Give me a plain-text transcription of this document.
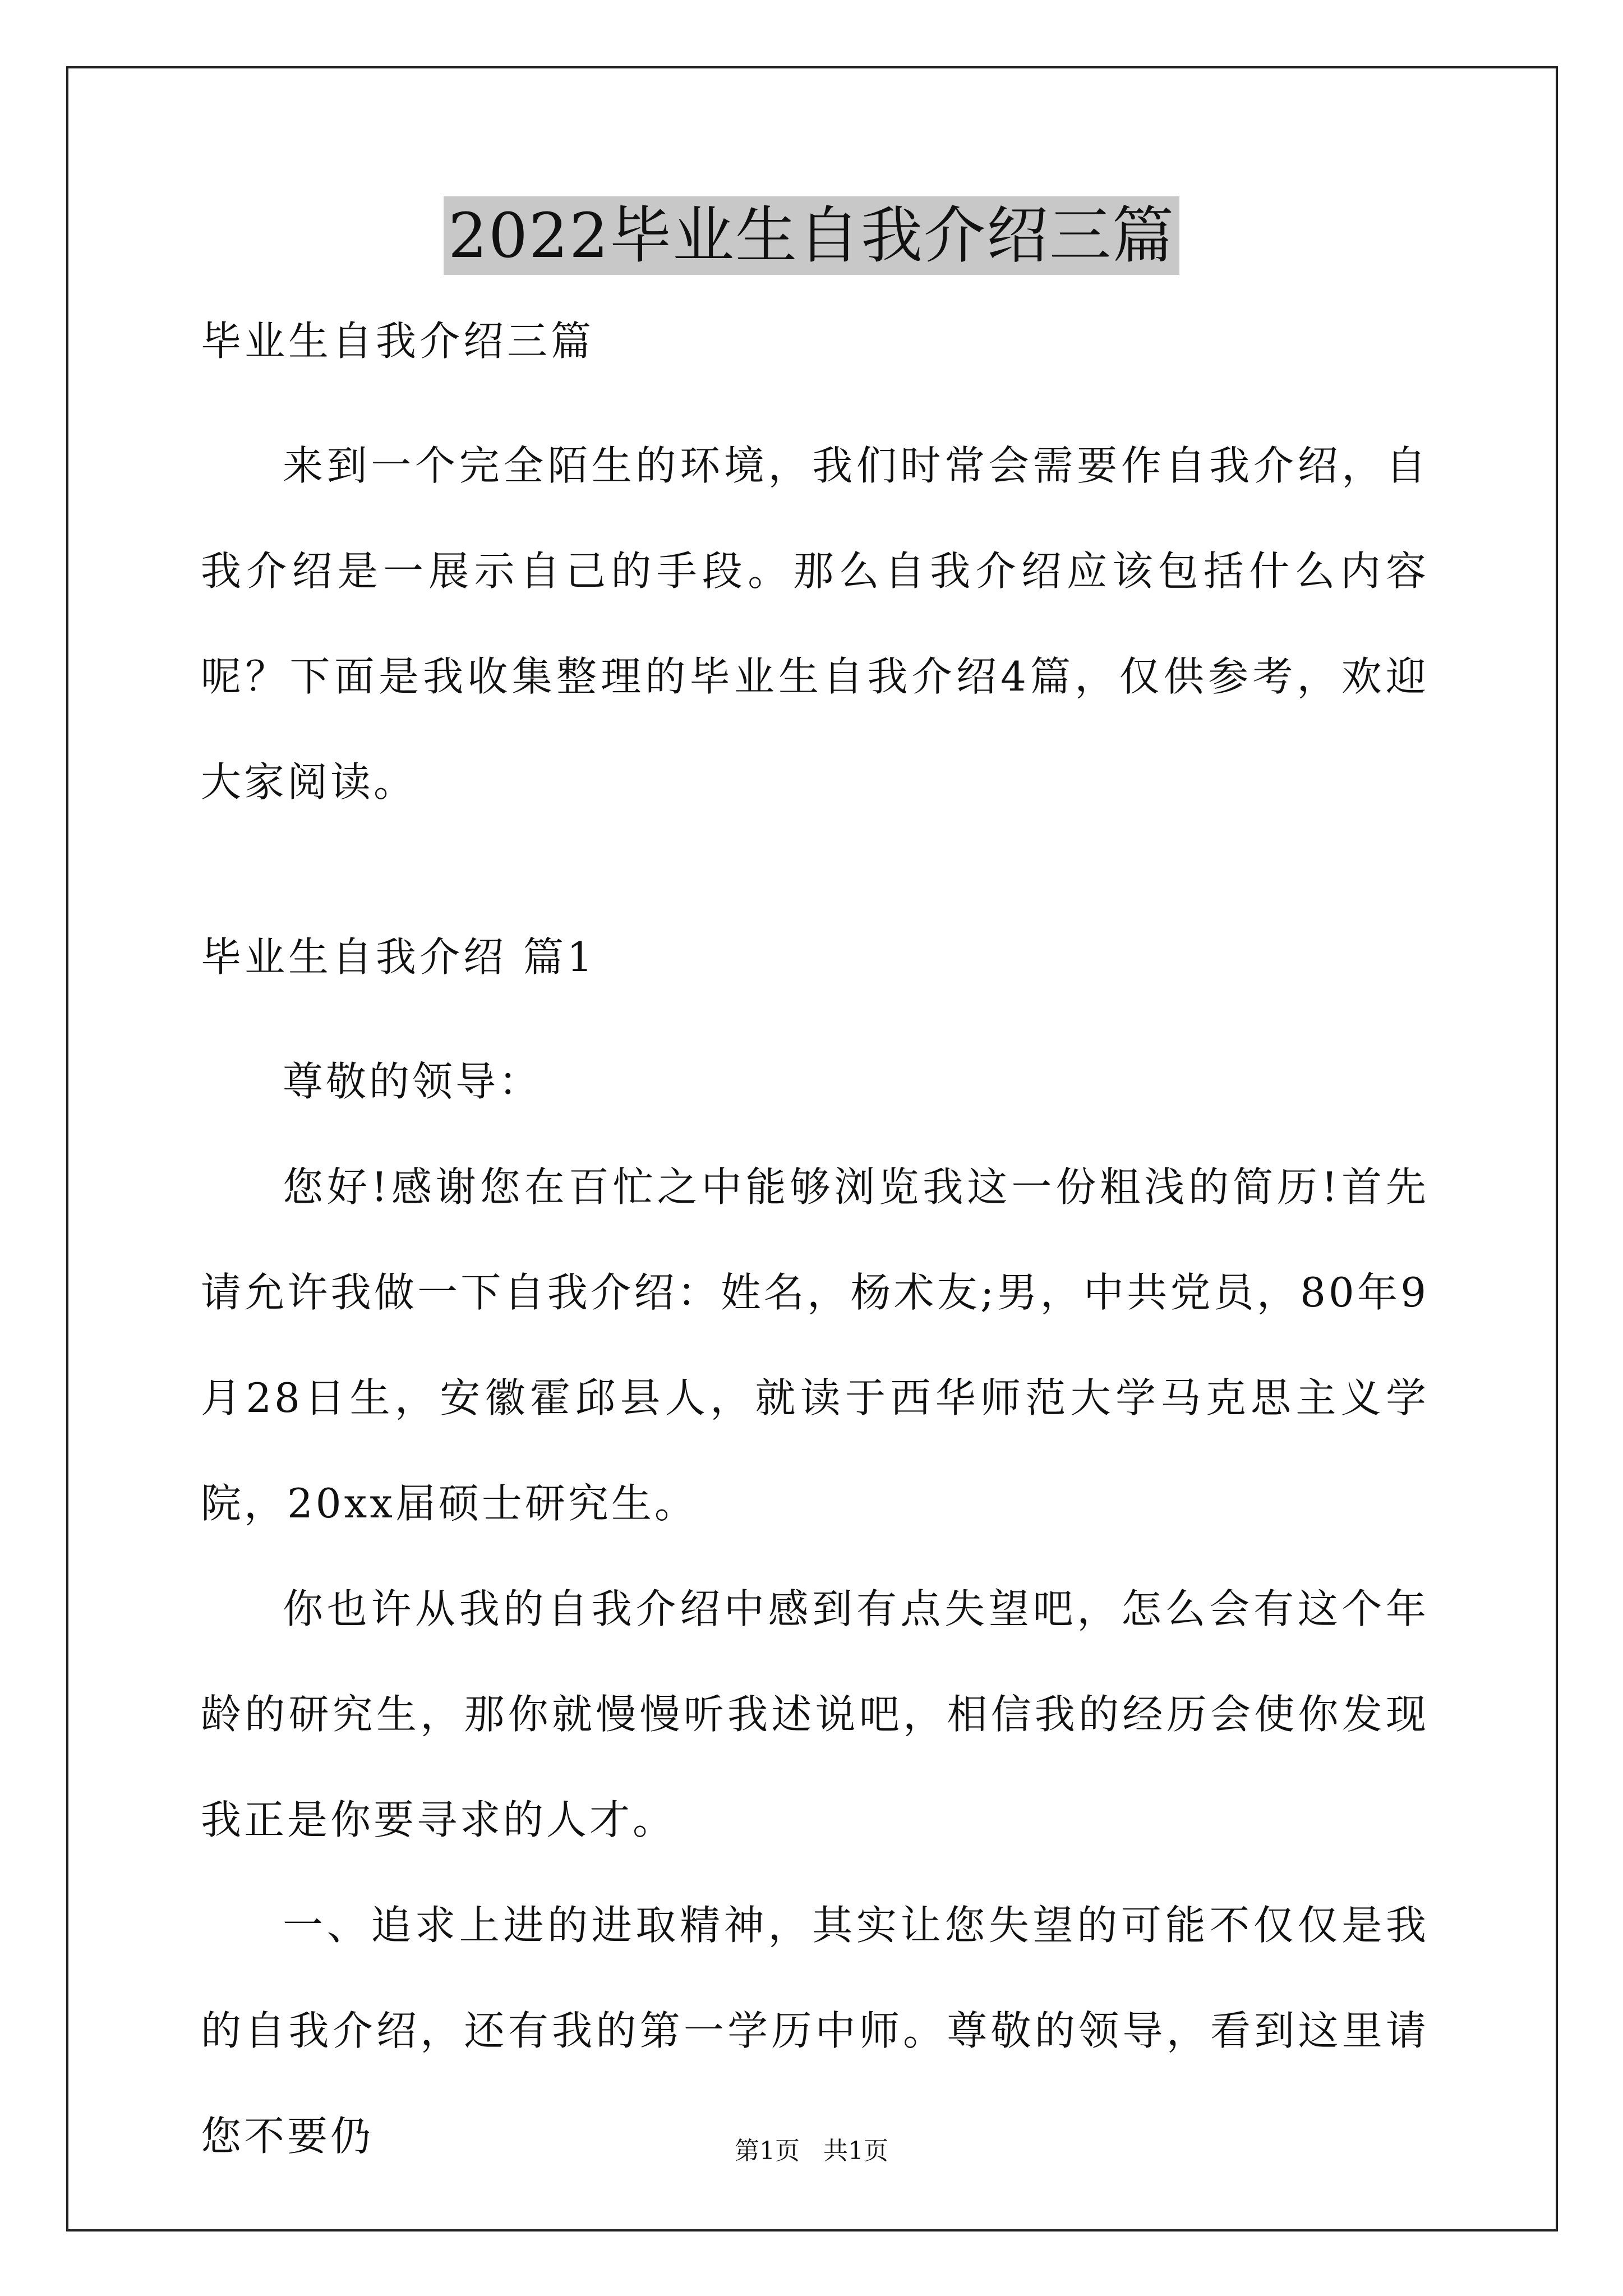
2022毕业生自我介绍三篇

毕业生自我介绍三篇

来到一个完全陌生的环境，我们时常会需要作自我介绍，自我介绍是一展示自己的手段。那么自我介绍应该包括什么内容呢？下面是我收集整理的毕业生自我介绍4篇，仅供参考，欢迎大家阅读。

毕业生自我介绍 篇1

尊敬的领导：

您好!感谢您在百忙之中能够浏览我这一份粗浅的简历!首先请允许我做一下自我介绍：姓名，杨术友;男，中共党员，80年9月28日生，安徽霍邱县人，就读于西华师范大学马克思主义学院，20xx届硕士研究生。

你也许从我的自我介绍中感到有点失望吧，怎么会有这个年龄的研究生，那你就慢慢听我述说吧，相信我的经历会使你发现我正是你要寻求的人才。

一、追求上进的进取精神，其实让您失望的可能不仅仅是我的自我介绍，还有我的第一学历中师。尊敬的领导，看到这里请您不要仍	第1页 共1页
